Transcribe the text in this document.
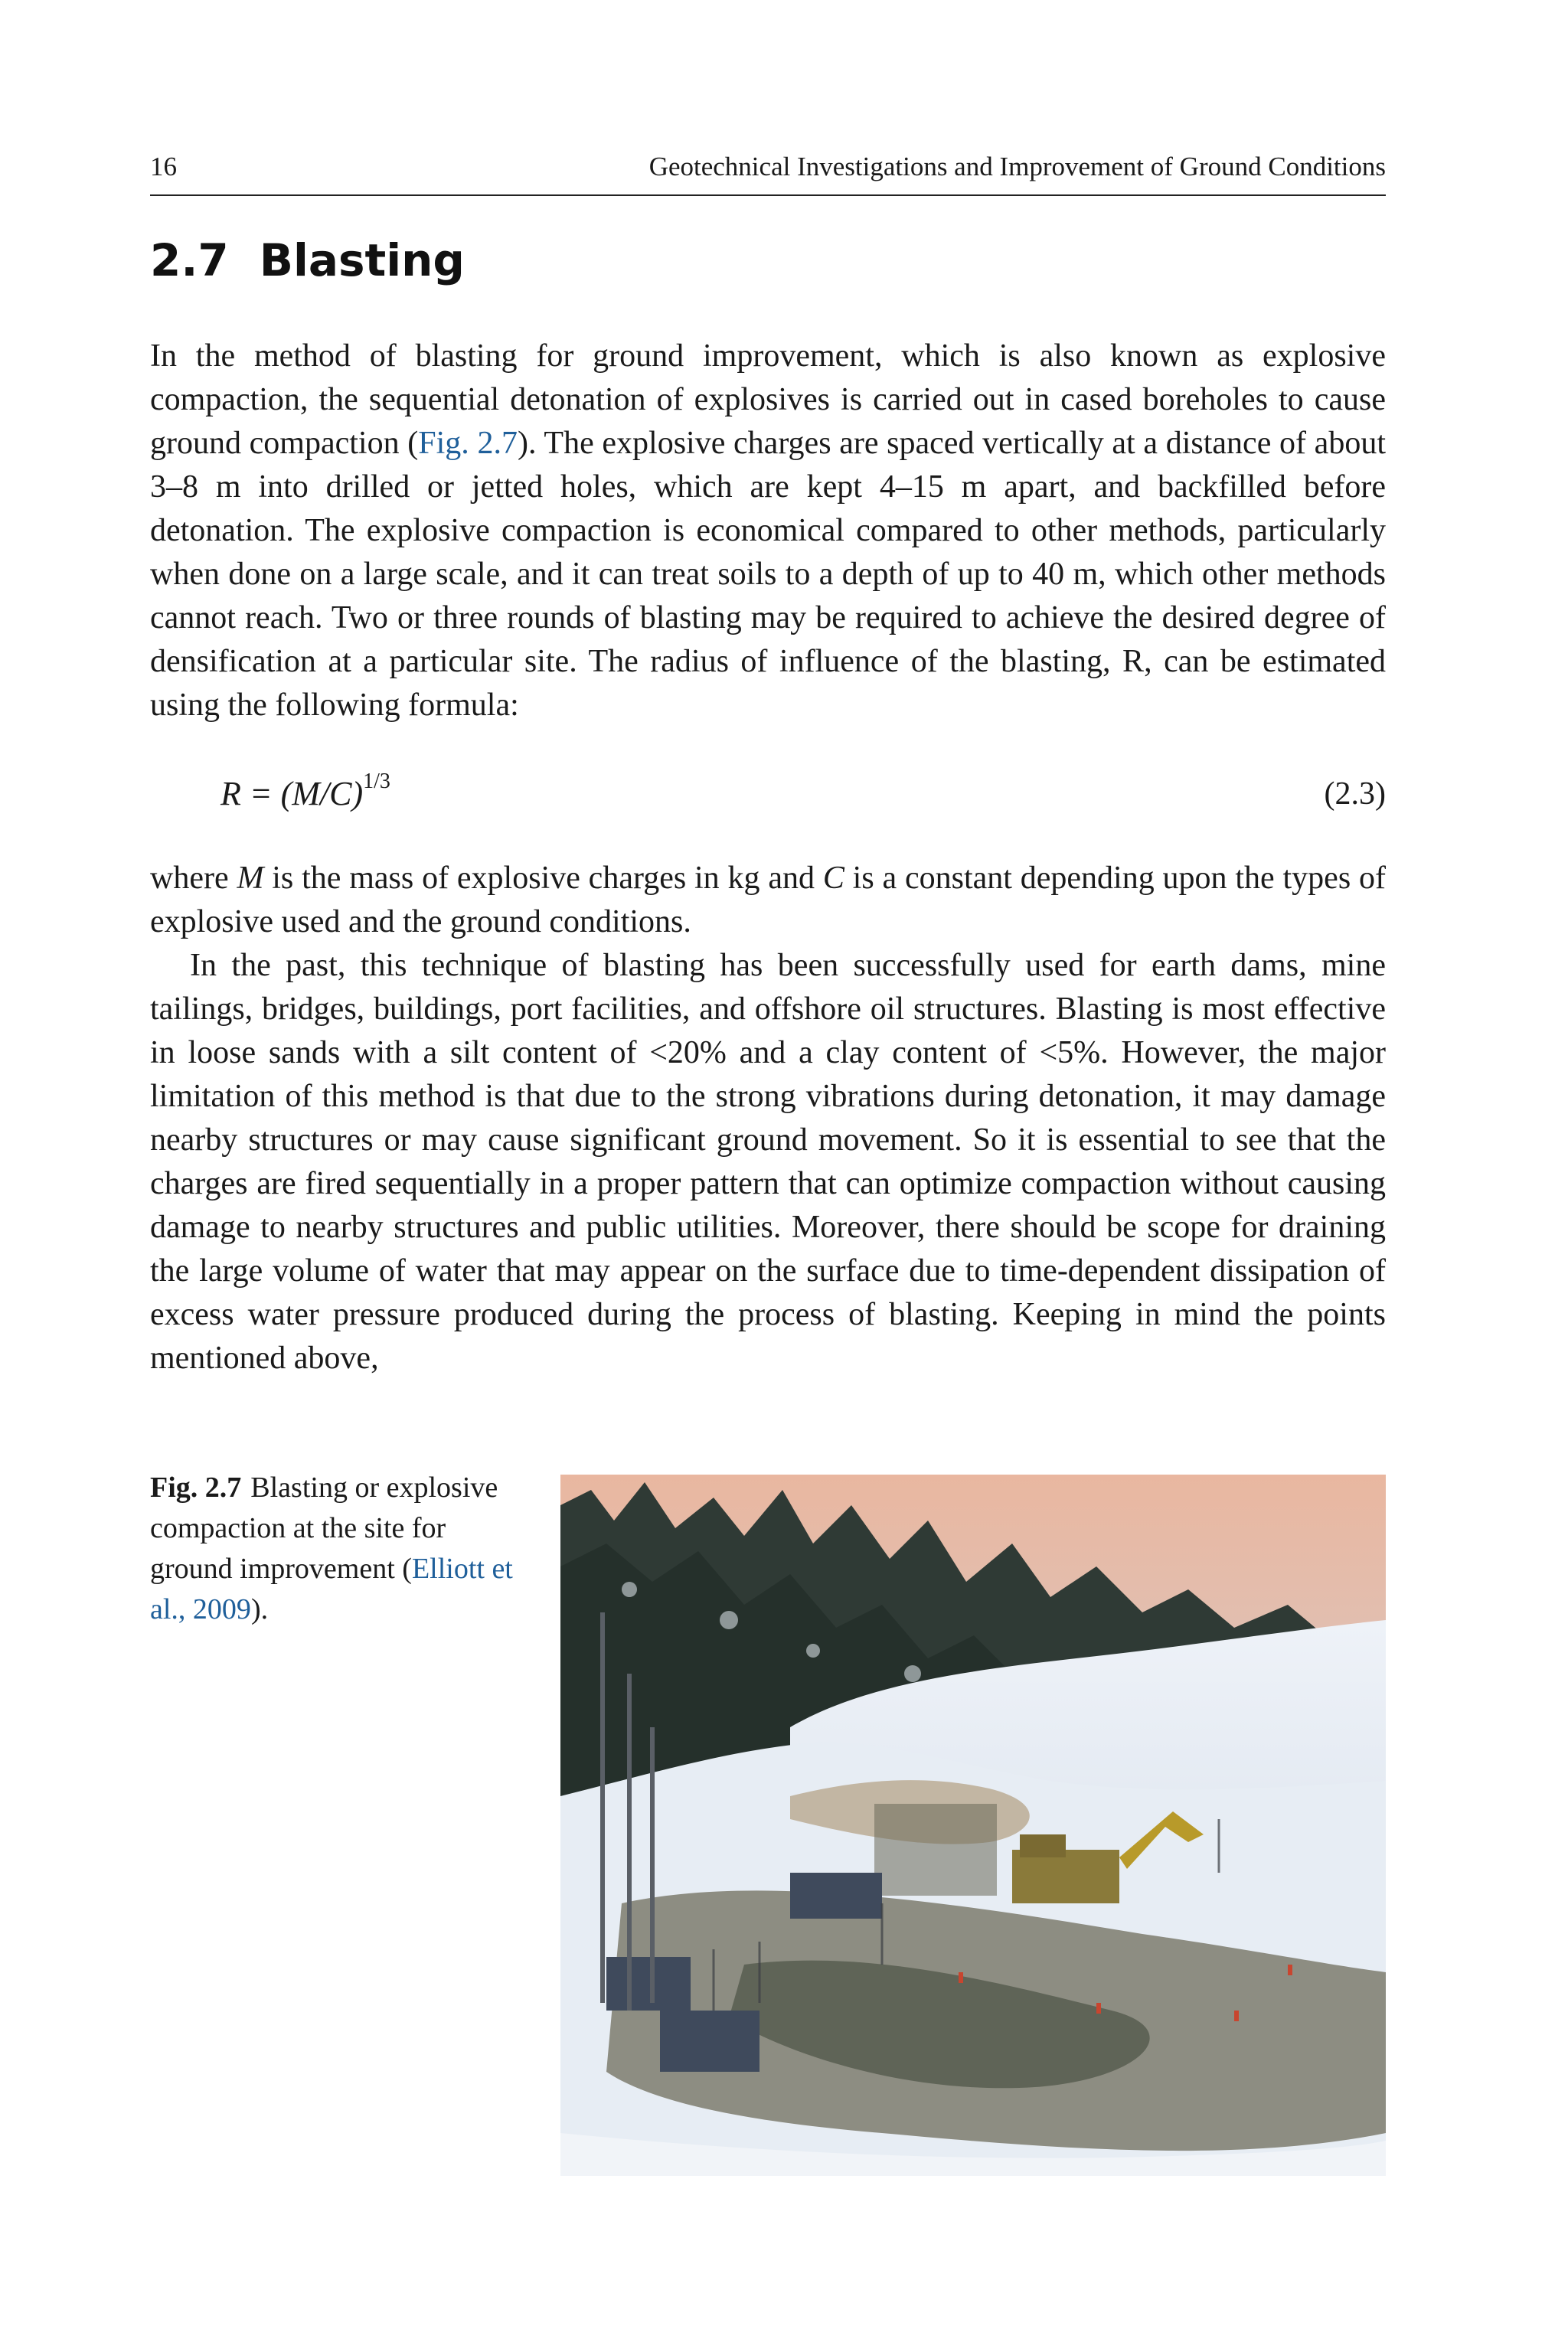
16	Geotechnical Investigations and Improvement of Ground Conditions
2.7 Blasting

In the method of blasting for ground improvement, which is also known as explosive compaction, the sequential detonation of explosives is carried out in cased boreholes to cause ground compaction (Fig. 2.7). The explosive charges are spaced vertically at a distance of about 3–8 m into drilled or jetted holes, which are kept 4–15 m apart, and backfilled before detonation. The explosive compaction is economical compared to other methods, particularly when done on a large scale, and it can treat soils to a depth of up to 40 m, which other methods cannot reach. Two or three rounds of blasting may be required to achieve the desired degree of densification at a particular site. The radius of influence of the blasting, R, can be estimated using the following formula:

$R = (M/C)^{1/3}$	(2.3)

where M is the mass of explosive charges in kg and C is a constant depending upon the types of explosive used and the ground conditions.

In the past, this technique of blasting has been successfully used for earth dams, mine tailings, bridges, buildings, port facilities, and offshore oil structures. Blasting is most effective in loose sands with a silt content of <20% and a clay content of <5%. However, the major limitation of this method is that due to the strong vibrations during detonation, it may damage nearby structures or may cause significant ground movement. So it is essential to see that the charges are fired sequentially in a proper pattern that can optimize compaction without causing damage to nearby structures and public utilities. Moreover, there should be scope for draining the large volume of water that may appear on the surface due to time-dependent dissipation of excess water pressure produced during the process of blasting. Keeping in mind the points mentioned above,

Fig. 2.7 Blasting or explosive compaction at the site for ground improvement (Elliott et al., 2009).
